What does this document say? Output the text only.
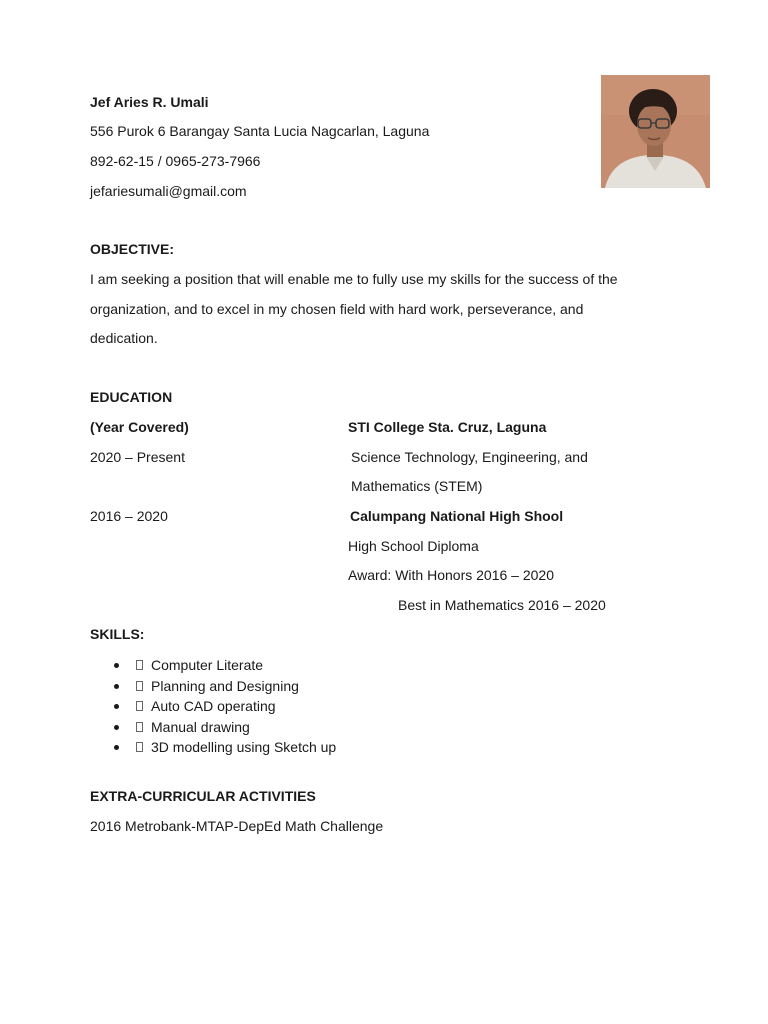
Jef Aries R. Umali
556 Purok 6 Barangay Santa Lucia Nagcarlan, Laguna
892-62-15 / 0965-273-7966
jefariesumali@gmail.com
OBJECTIVE:
I am seeking a position that will enable me to fully use my skills for the success of the
organization, and to excel in my chosen field with hard work, perseverance, and
dedication.
EDUCATION
(Year Covered)	STI College Sta. Cruz, Laguna
2020 – Present	Science Technology, Engineering, and
Mathematics (STEM)
2016 – 2020	Calumpang National High Shool
High School Diploma
Award: With Honors 2016 – 2020
Best in Mathematics 2016 – 2020
SKILLS:
Computer Literate
Planning and Designing
Auto CAD operating
Manual drawing
3D modelling using Sketch up
EXTRA-CURRICULAR ACTIVITIES
2016 Metrobank-MTAP-DepEd Math Challenge
